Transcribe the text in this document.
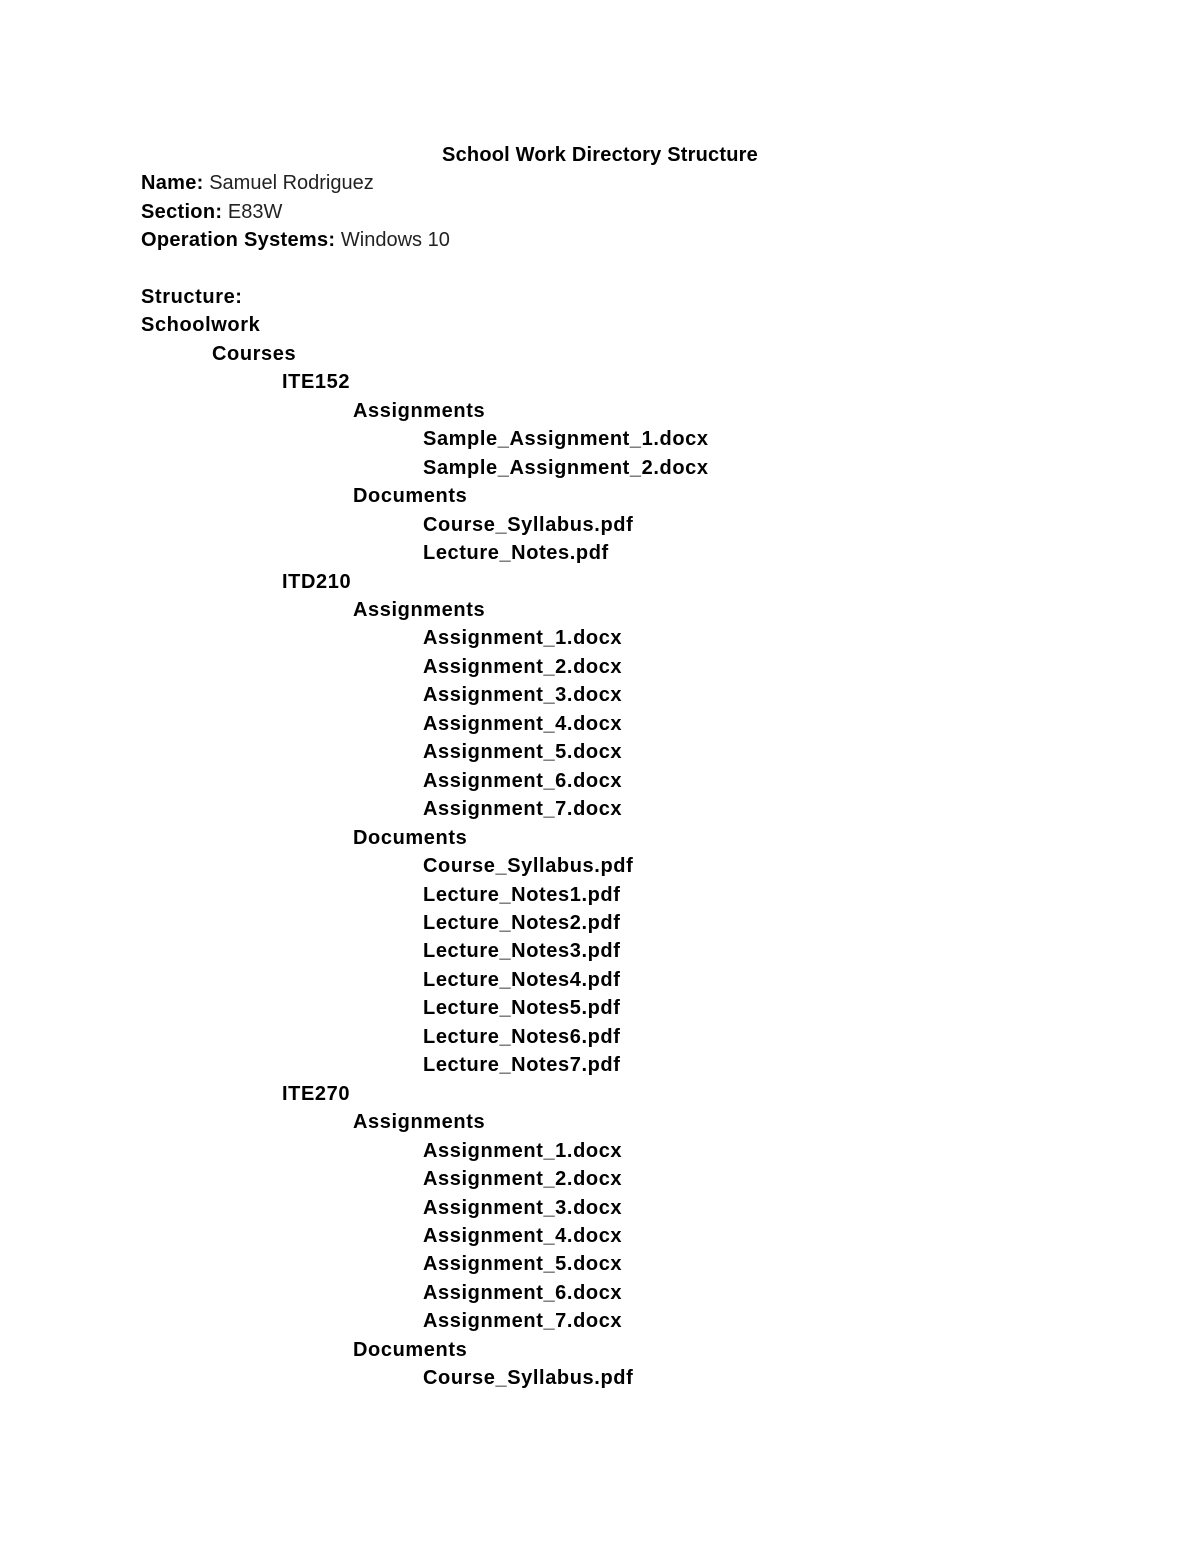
School Work Directory Structure
Name: Samuel Rodriguez
Section: E83W
Operation Systems: Windows 10
Structure:
Schoolwork
Courses
ITE152
Assignments
Sample_Assignment_1.docx
Sample_Assignment_2.docx
Documents
Course_Syllabus.pdf
Lecture_Notes.pdf
ITD210
Assignments
Assignment_1.docx
Assignment_2.docx
Assignment_3.docx
Assignment_4.docx
Assignment_5.docx
Assignment_6.docx
Assignment_7.docx
Documents
Course_Syllabus.pdf
Lecture_Notes1.pdf
Lecture_Notes2.pdf
Lecture_Notes3.pdf
Lecture_Notes4.pdf
Lecture_Notes5.pdf
Lecture_Notes6.pdf
Lecture_Notes7.pdf
ITE270
Assignments
Assignment_1.docx
Assignment_2.docx
Assignment_3.docx
Assignment_4.docx
Assignment_5.docx
Assignment_6.docx
Assignment_7.docx
Documents
Course_Syllabus.pdf
